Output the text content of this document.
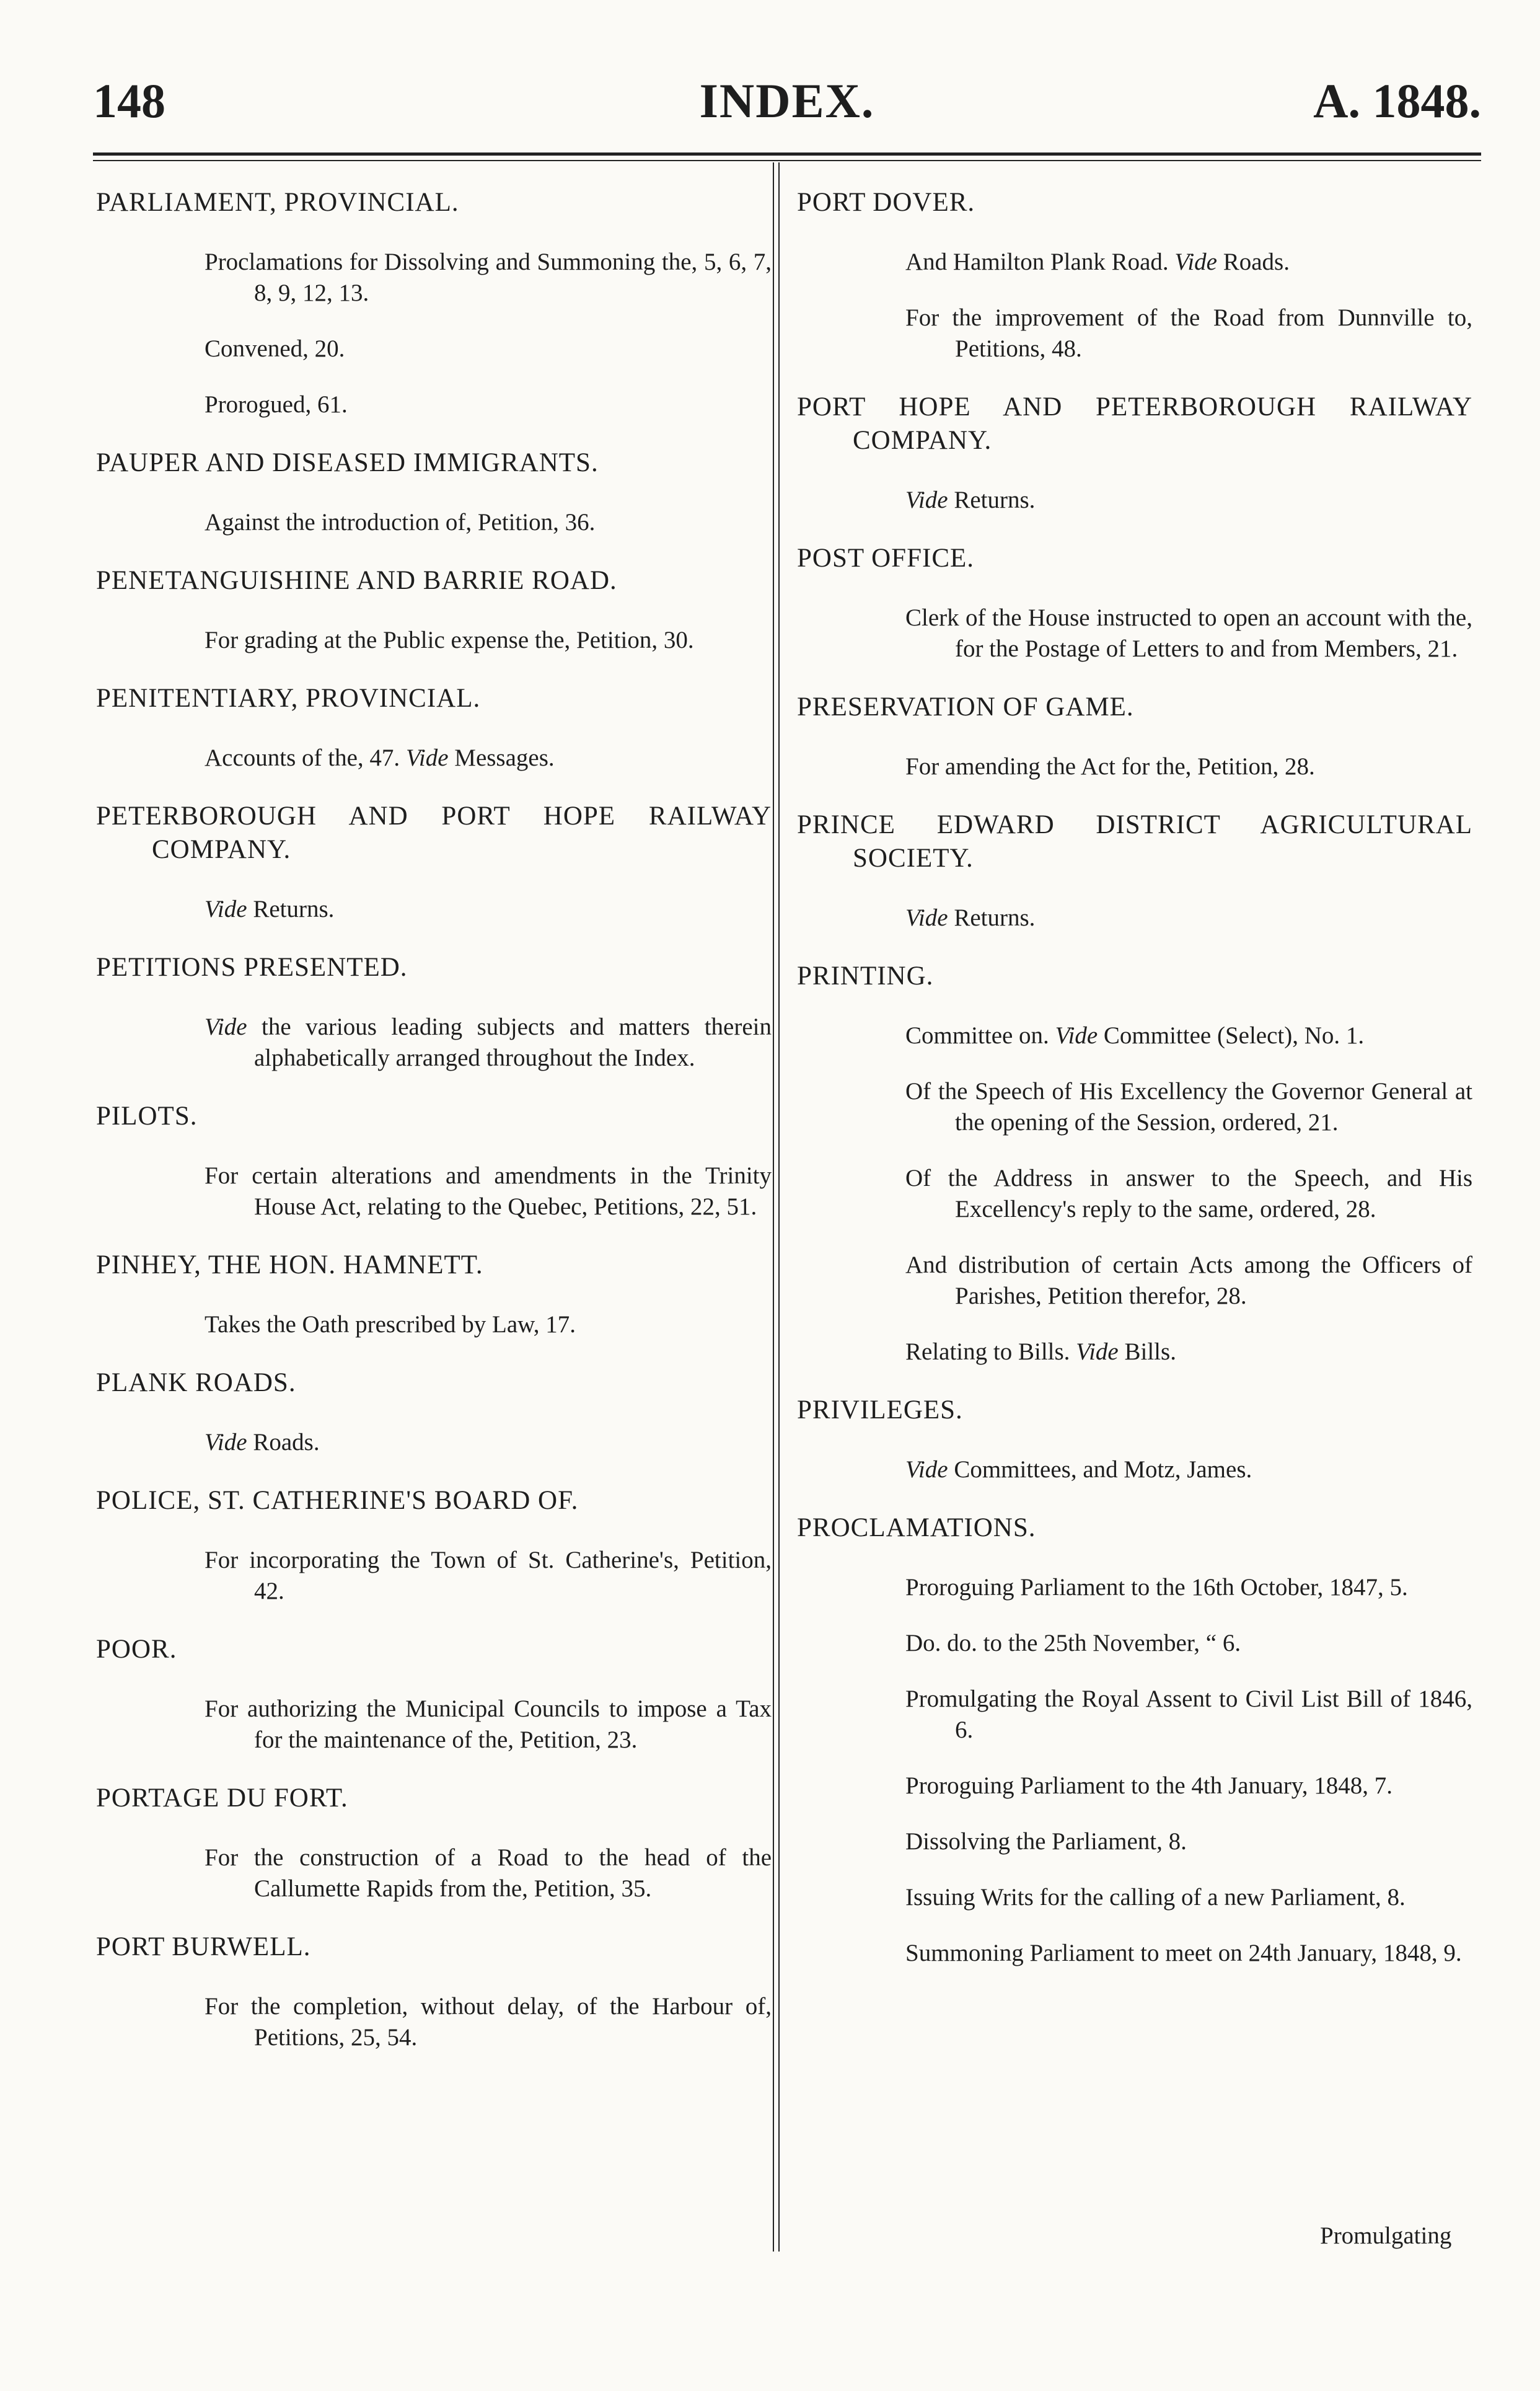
148	INDEX.	A. 1848.
PARLIAMENT, PROVINCIAL.
Proclamations for Dissolving and Summoning the, 5, 6, 7, 8, 9, 12, 13.
Convened, 20.
Prorogued, 61.
PAUPER AND DISEASED IMMIGRANTS.
Against the introduction of, Petition, 36.
PENETANGUISHINE AND BARRIE ROAD.
For grading at the Public expense the, Petition, 30.
PENITENTIARY, PROVINCIAL.
Accounts of the, 47. Vide Messages.
PETERBOROUGH AND PORT HOPE RAILWAY COMPANY.
Vide Returns.
PETITIONS PRESENTED.
Vide the various leading subjects and matters therein alphabetically arranged throughout the Index.
PILOTS.
For certain alterations and amendments in the Trinity House Act, relating to the Quebec, Petitions, 22, 51.
PINHEY, THE HON. HAMNETT.
Takes the Oath prescribed by Law, 17.
PLANK ROADS.
Vide Roads.
POLICE, ST. CATHERINE'S BOARD OF.
For incorporating the Town of St. Catherine's, Petition, 42.
POOR.
For authorizing the Municipal Councils to impose a Tax for the maintenance of the, Petition, 23.
PORTAGE DU FORT.
For the construction of a Road to the head of the Callumette Rapids from the, Petition, 35.
PORT BURWELL.
For the completion, without delay, of the Harbour of, Petitions, 25, 54.
PORT DOVER.
And Hamilton Plank Road. Vide Roads.
For the improvement of the Road from Dunnville to, Petitions, 48.
PORT HOPE AND PETERBOROUGH RAILWAY COMPANY.
Vide Returns.
POST OFFICE.
Clerk of the House instructed to open an account with the, for the Postage of Letters to and from Members, 21.
PRESERVATION OF GAME.
For amending the Act for the, Petition, 28.
PRINCE EDWARD DISTRICT AGRICULTURAL SOCIETY.
Vide Returns.
PRINTING.
Committee on. Vide Committee (Select), No. 1.
Of the Speech of His Excellency the Governor General at the opening of the Session, ordered, 21.
Of the Address in answer to the Speech, and His Excellency's reply to the same, ordered, 28.
And distribution of certain Acts among the Officers of Parishes, Petition therefor, 28.
Relating to Bills. Vide Bills.
PRIVILEGES.
Vide Committees, and Motz, James.
PROCLAMATIONS.
Proroguing Parliament to the 16th October, 1847, 5.
Do. do. to the 25th November, “ 6.
Promulgating the Royal Assent to Civil List Bill of 1846, 6.
Proroguing Parliament to the 4th January, 1848, 7.
Dissolving the Parliament, 8.
Issuing Writs for the calling of a new Parliament, 8.
Summoning Parliament to meet on 24th January, 1848, 9.
Promulgating
